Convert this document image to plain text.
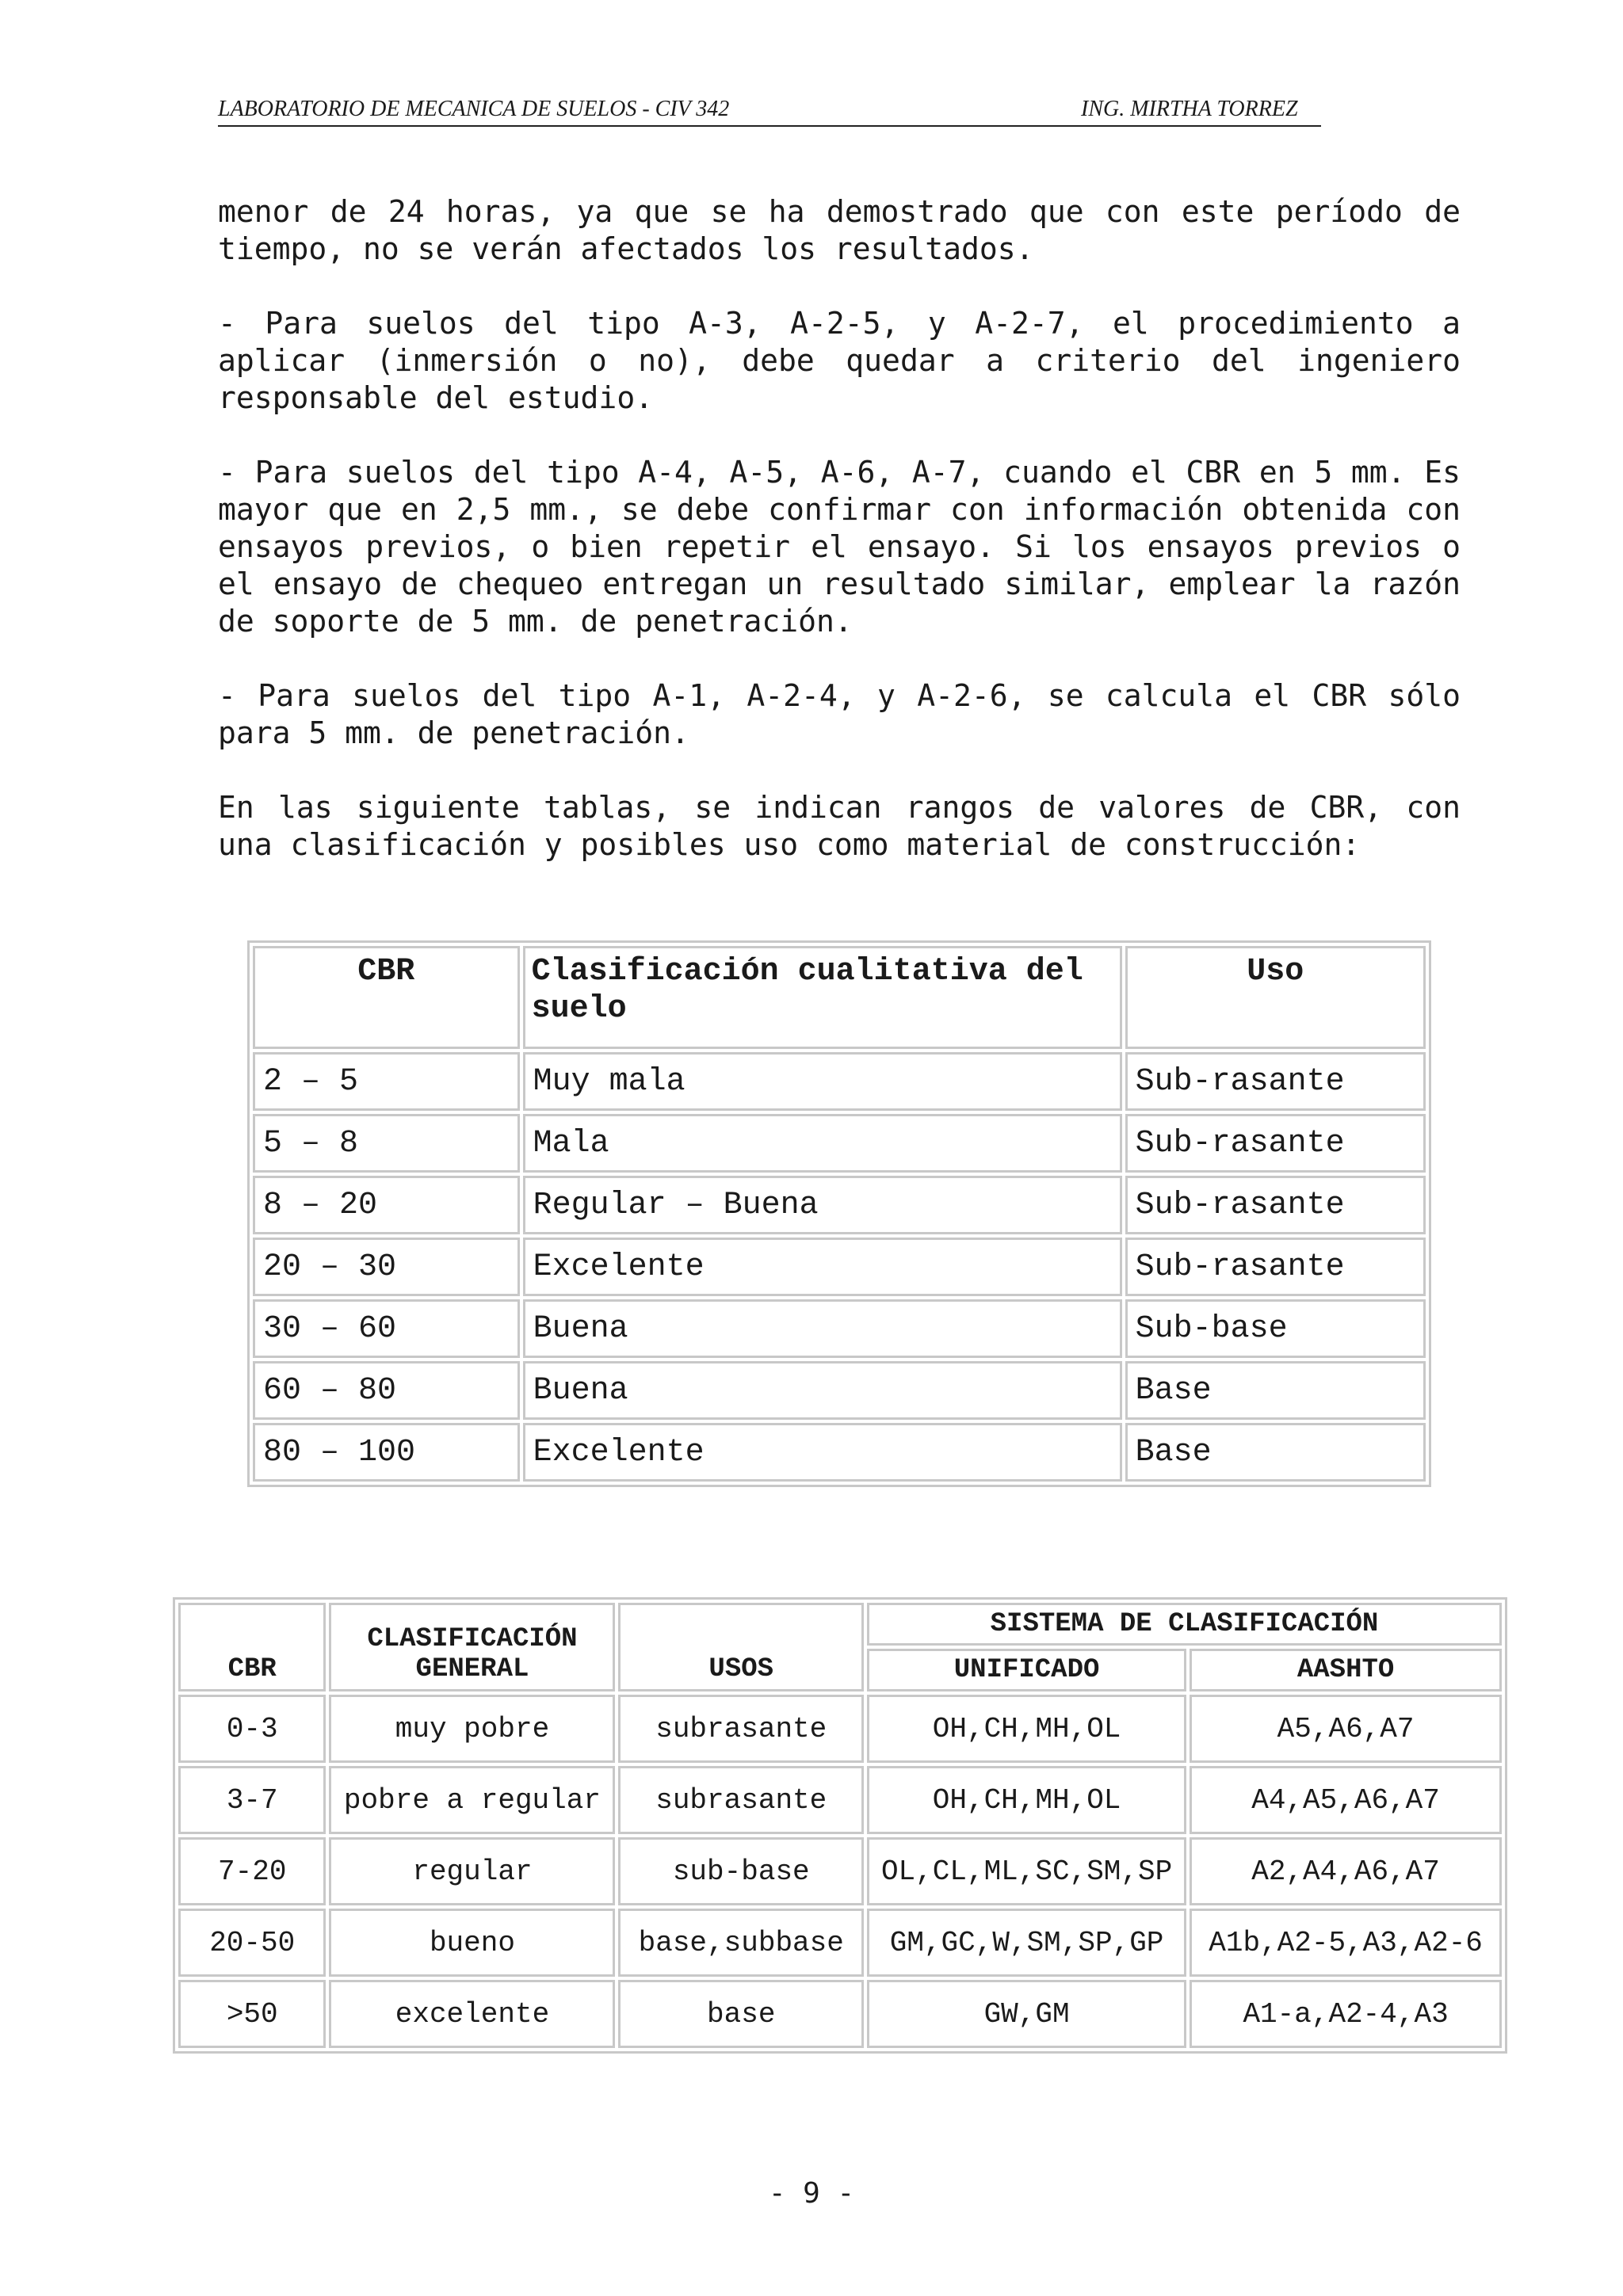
LABORATORIO DE MECANICA DE SUELOS - CIV 342	ING. MIRTHA TORREZ

menor de 24 horas, ya que se ha demostrado que con este período de tiempo, no se verán afectados los resultados.

- Para suelos del tipo A-3, A-2-5, y A-2-7, el procedimiento a aplicar (inmersión o no), debe quedar a criterio del ingeniero responsable del estudio.

- Para suelos del tipo A-4, A-5, A-6, A-7, cuando el CBR en 5 mm. Es mayor que en 2,5 mm., se debe confirmar con información obtenida con ensayos previos, o bien repetir el ensayo. Si los ensayos previos o el ensayo de chequeo entregan un resultado similar, emplear la razón de soporte de 5 mm. de penetración.

- Para suelos del tipo A-1, A-2-4, y A-2-6, se calcula el CBR sólo para 5 mm. de penetración.

En las siguiente tablas, se indican rangos de valores de CBR, con una clasificación y posibles uso como material de construcción:

CBR	Clasificación cualitativa del suelo	Uso
2 – 5	Muy mala	Sub-rasante
5 – 8	Mala	Sub-rasante
8 – 20	Regular – Buena	Sub-rasante
20 – 30	Excelente	Sub-rasante
30 – 60	Buena	Sub-base
60 – 80	Buena	Base
80 – 100	Excelente	Base
CBR	CLASIFICACIÓN GENERAL	USOS	SISTEMA DE CLASIFICACIÓN	
			UNIFICADO	AASHTO
0-3	muy pobre	subrasante	OH,CH,MH,OL	A5,A6,A7
3-7	pobre a regular	subrasante	OH,CH,MH,OL	A4,A5,A6,A7
7-20	regular	sub-base	OL,CL,ML,SC,SM,SP	A2,A4,A6,A7
20-50	bueno	base,subbase	GM,GC,W,SM,SP,GP	A1b,A2-5,A3,A2-6
>50	excelente	base	GW,GM	A1-a,A2-4,A3
- 9 -
